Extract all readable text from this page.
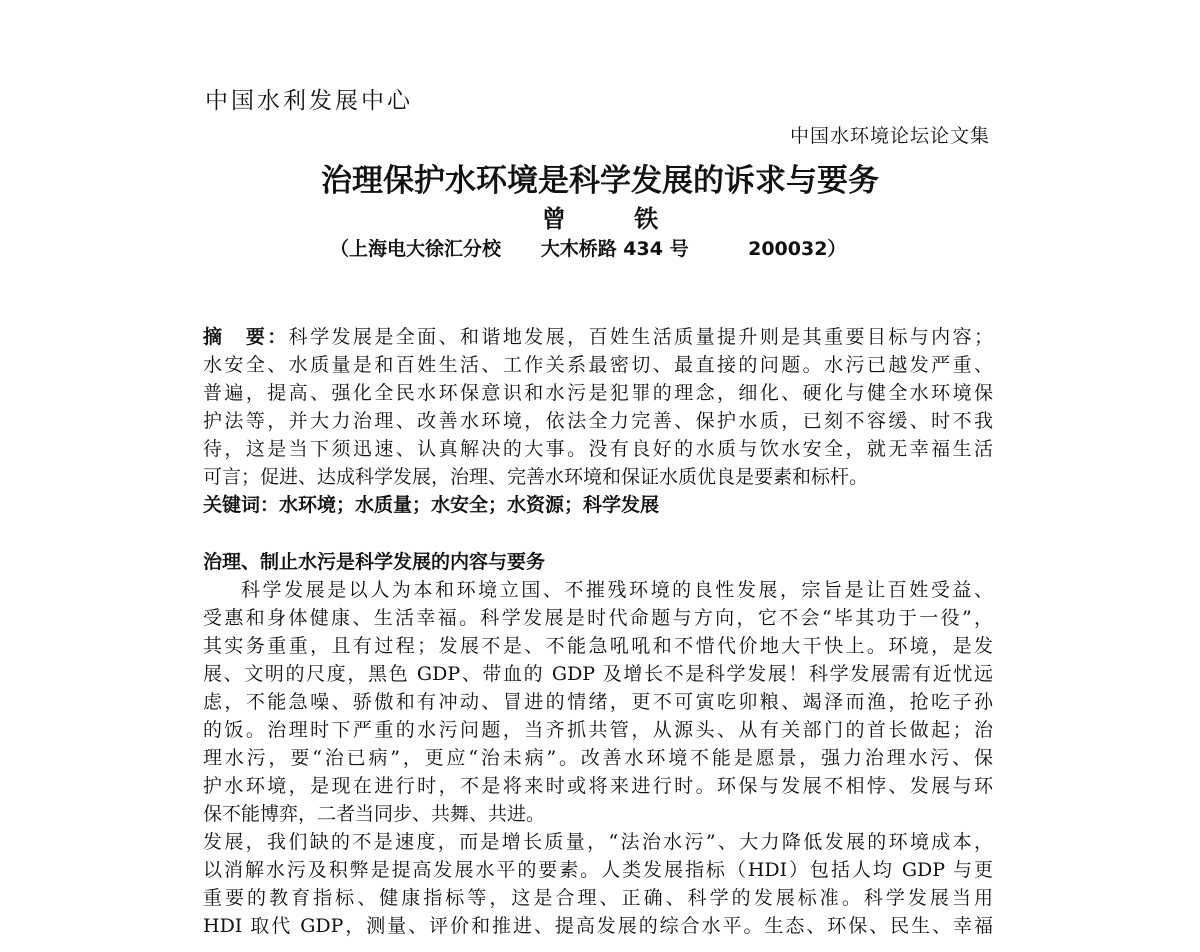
中国水利发展中心
中国水环境论坛论文集
治理保护水环境是科学发展的诉求与要务
曾 铁
（上海电大徐汇分校      大木桥路 434 号         200032）
摘　要：科学发展是全面、和谐地发展，百姓生活质量提升则是其重要目标与内容；
水安全、水质量是和百姓生活、工作关系最密切、最直接的问题。水污已越发严重、
普遍，提高、强化全民水环保意识和水污是犯罪的理念，细化、硬化与健全水环境保
护法等，并大力治理、改善水环境，依法全力完善、保护水质，已刻不容缓、时不我
待，这是当下须迅速、认真解决的大事。没有良好的水质与饮水安全，就无幸福生活
可言；促进、达成科学发展，治理、完善水环境和保证水质优良是要素和标杆。
关键词：水环境；水质量；水安全；水资源；科学发展
治理、制止水污是科学发展的内容与要务
科学发展是以人为本和环境立国、不摧残环境的良性发展，宗旨是让百姓受益、
受惠和身体健康、生活幸福。科学发展是时代命题与方向，它不会“毕其功于一役”，
其实务重重，且有过程；发展不是、不能急吼吼和不惜代价地大干快上。环境，是发
展、文明的尺度，黑色 GDP、带血的 GDP 及增长不是科学发展！科学发展需有近忧远
虑，不能急噪、骄傲和有冲动、冒进的情绪，更不可寅吃卯粮、竭泽而渔，抢吃子孙
的饭。治理时下严重的水污问题，当齐抓共管，从源头、从有关部门的首长做起；治
理水污，要“治已病”，更应“治未病”。改善水环境不能是愿景，强力治理水污、保
护水环境，是现在进行时，不是将来时或将来进行时。环保与发展不相悖、发展与环
保不能博弈，二者当同步、共舞、共进。
发展，我们缺的不是速度，而是增长质量，“法治水污”、大力降低发展的环境成本，
以消解水污及积弊是提高发展水平的要素。人类发展指标（HDI）包括人均 GDP 与更
重要的教育指标、健康指标等，这是合理、正确、科学的发展标准。科学发展当用
HDI 取代 GDP，测量、评价和推进、提高发展的综合水平。生态、环保、民生、幸福
